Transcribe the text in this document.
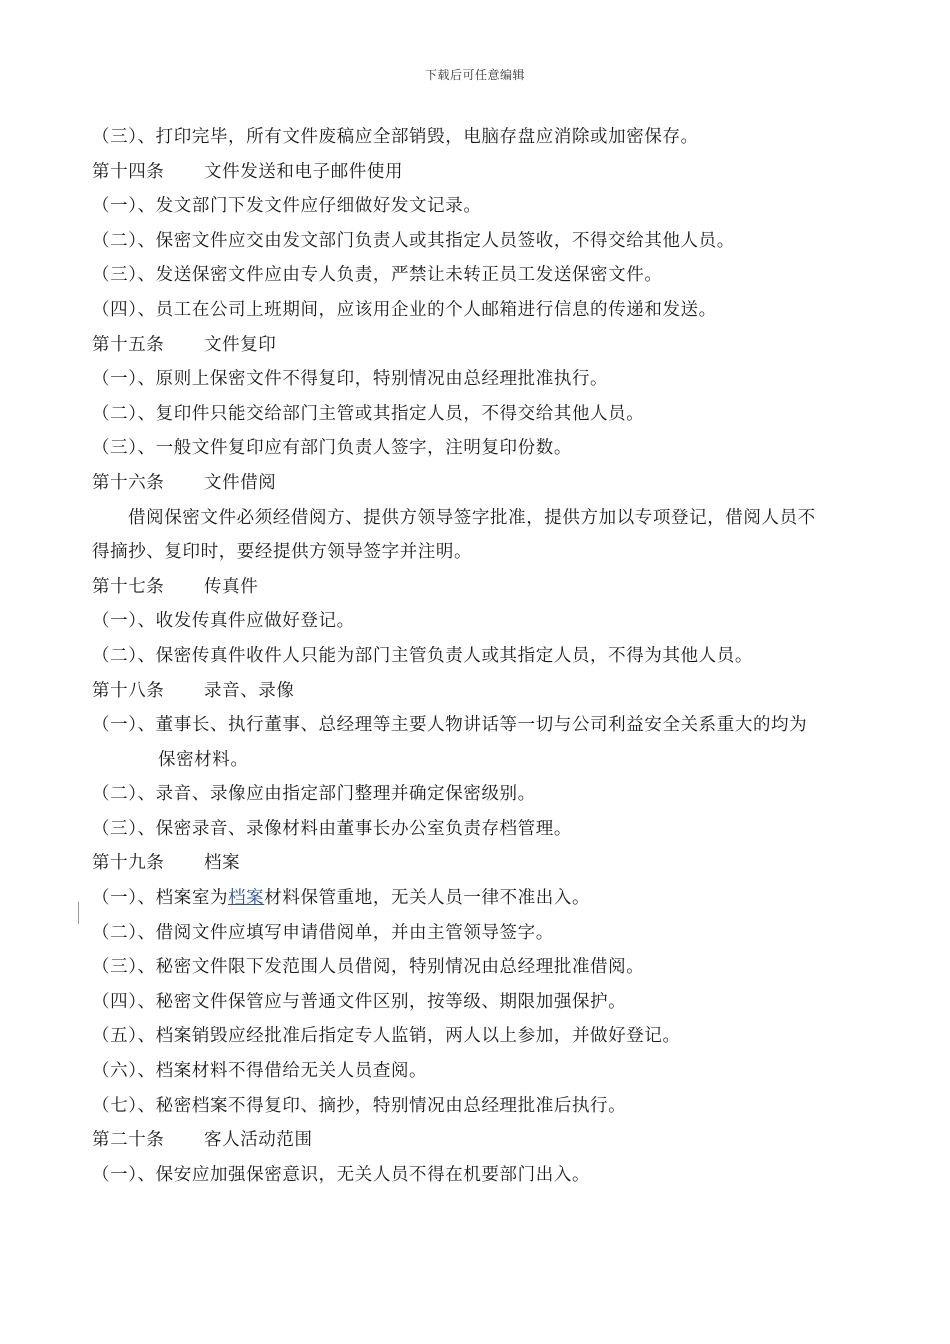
下载后可任意编辑
（三）、打印完毕，所有文件废稿应全部销毁，电脑存盘应消除或加密保存。
第十四条 文件发送和电子邮件使用
（一）、发文部门下发文件应仔细做好发文记录。
（二）、保密文件应交由发文部门负责人或其指定人员签收，不得交给其他人员。
（三）、发送保密文件应由专人负责，严禁让未转正员工发送保密文件。
（四）、员工在公司上班期间，应该用企业的个人邮箱进行信息的传递和发送。
第十五条 文件复印
（一）、原则上保密文件不得复印，特别情况由总经理批准执行。
（二）、复印件只能交给部门主管或其指定人员，不得交给其他人员。
（三）、一般文件复印应有部门负责人签字，注明复印份数。
第十六条 文件借阅
借阅保密文件必须经借阅方、提供方领导签字批准，提供方加以专项登记，借阅人员不
得摘抄、复印时，要经提供方领导签字并注明。
第十七条 传真件
（一）、收发传真件应做好登记。
（二）、保密传真件收件人只能为部门主管负责人或其指定人员，不得为其他人员。
第十八条 录音、录像
（一）、董事长、执行董事、总经理等主要人物讲话等一切与公司利益安全关系重大的均为
保密材料。
（二）、录音、录像应由指定部门整理并确定保密级别。
（三）、保密录音、录像材料由董事长办公室负责存档管理。
第十九条 档案
（一）、档案室为档案材料保管重地，无关人员一律不准出入。
（二）、借阅文件应填写申请借阅单，并由主管领导签字。
（三）、秘密文件限下发范围人员借阅，特别情况由总经理批准借阅。
（四）、秘密文件保管应与普通文件区别，按等级、期限加强保护。
（五）、档案销毁应经批准后指定专人监销，两人以上参加，并做好登记。
（六）、档案材料不得借给无关人员查阅。
（七）、秘密档案不得复印、摘抄，特别情况由总经理批准后执行。
第二十条 客人活动范围
（一）、保安应加强保密意识，无关人员不得在机要部门出入。
